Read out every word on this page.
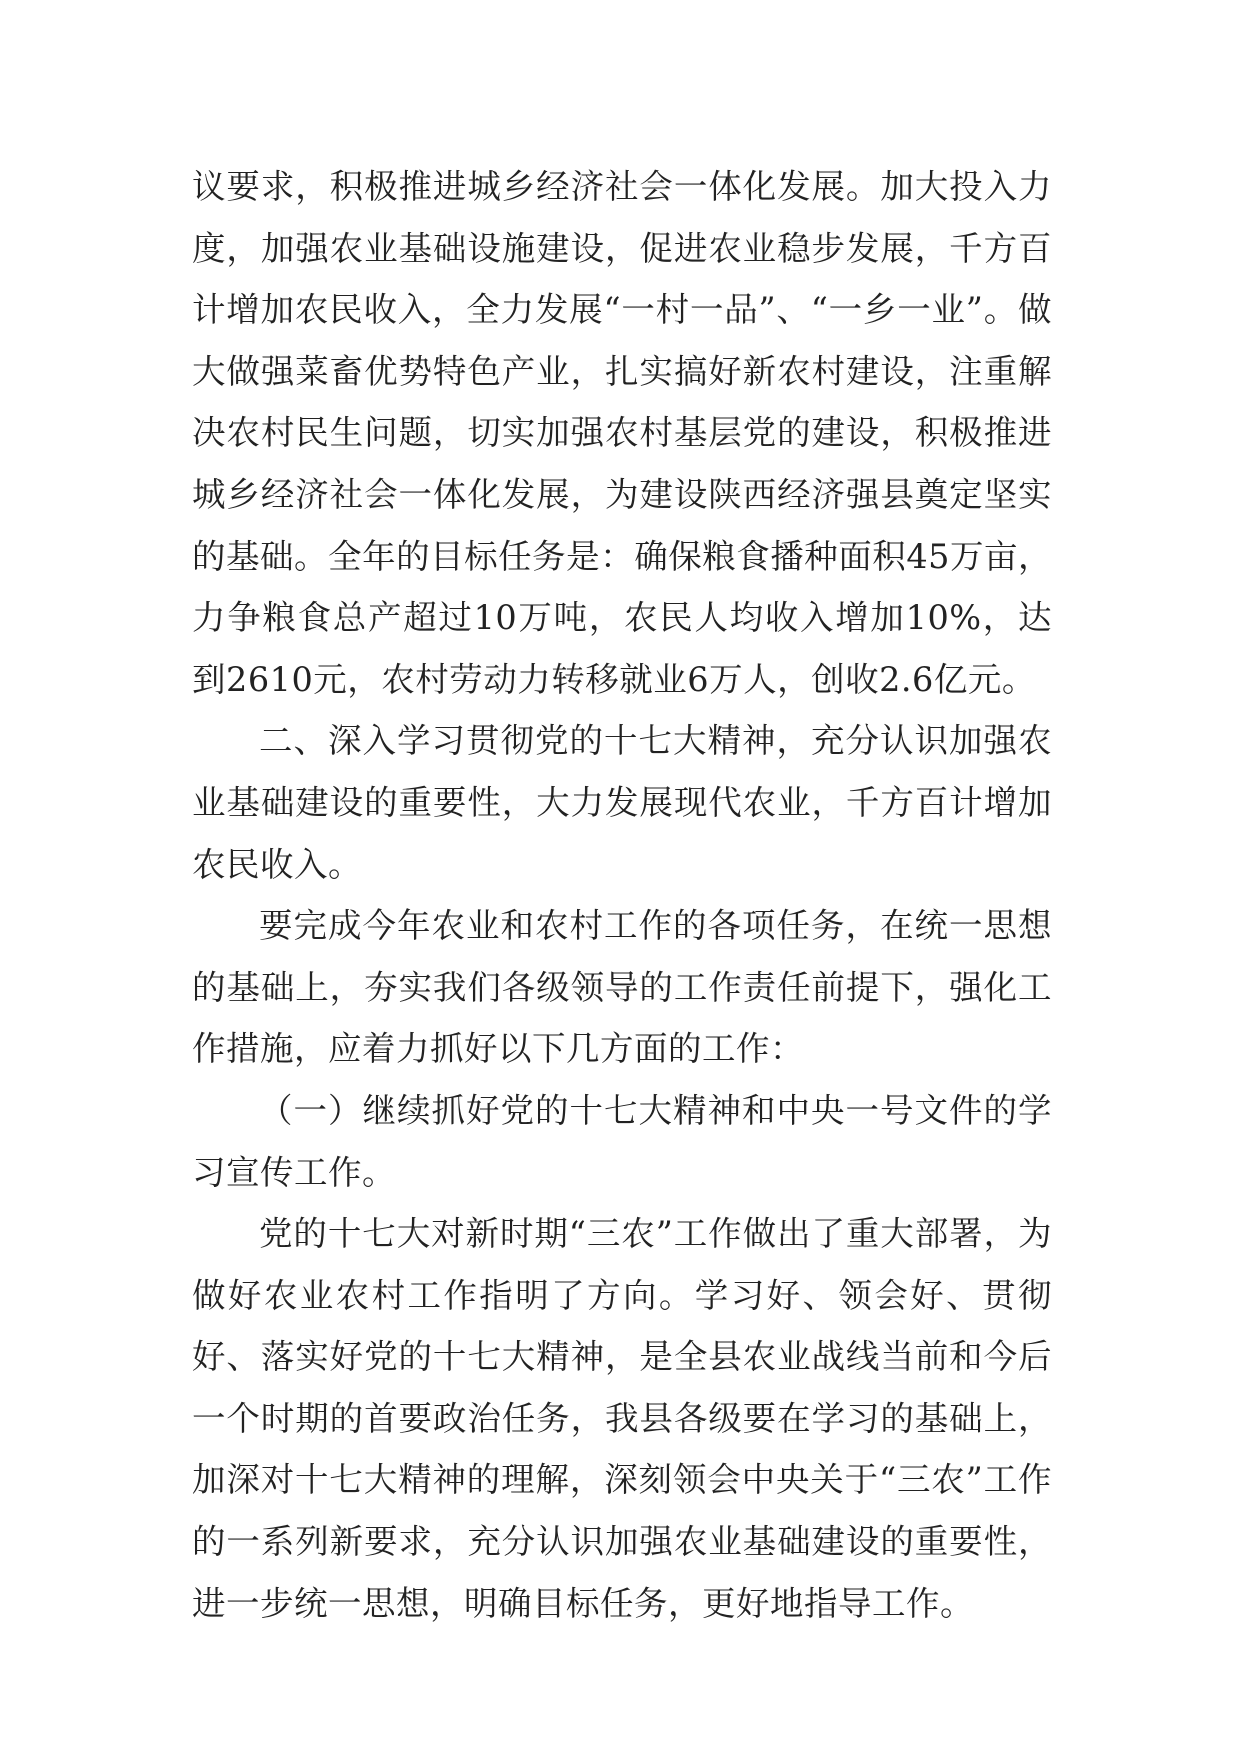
议要求，积极推进城乡经济社会一体化发展。加大投入力度，加强农业基础设施建设，促进农业稳步发展，千方百计增加农民收入，全力发展“一村一品”、“一乡一业”。做大做强菜畜优势特色产业，扎实搞好新农村建设，注重解决农村民生问题，切实加强农村基层党的建设，积极推进城乡经济社会一体化发展，为建设陕西经济强县奠定坚实的基础。全年的目标任务是：确保粮食播种面积45万亩，力争粮食总产超过10万吨，农民人均收入增加10%，达到2610元，农村劳动力转移就业6万人，创收2.6亿元。

二、深入学习贯彻党的十七大精神，充分认识加强农业基础建设的重要性，大力发展现代农业，千方百计增加农民收入。

要完成今年农业和农村工作的各项任务，在统一思想的基础上，夯实我们各级领导的工作责任前提下，强化工作措施，应着力抓好以下几方面的工作：

（一）继续抓好党的十七大精神和中央一号文件的学习宣传工作。

党的十七大对新时期“三农”工作做出了重大部署，为做好农业农村工作指明了方向。学习好、领会好、贯彻好、落实好党的十七大精神，是全县农业战线当前和今后一个时期的首要政治任务，我县各级要在学习的基础上，加深对十七大精神的理解，深刻领会中央关于“三农”工作的一系列新要求，充分认识加强农业基础建设的重要性，进一步统一思想，明确目标任务，更好地指导工作。
